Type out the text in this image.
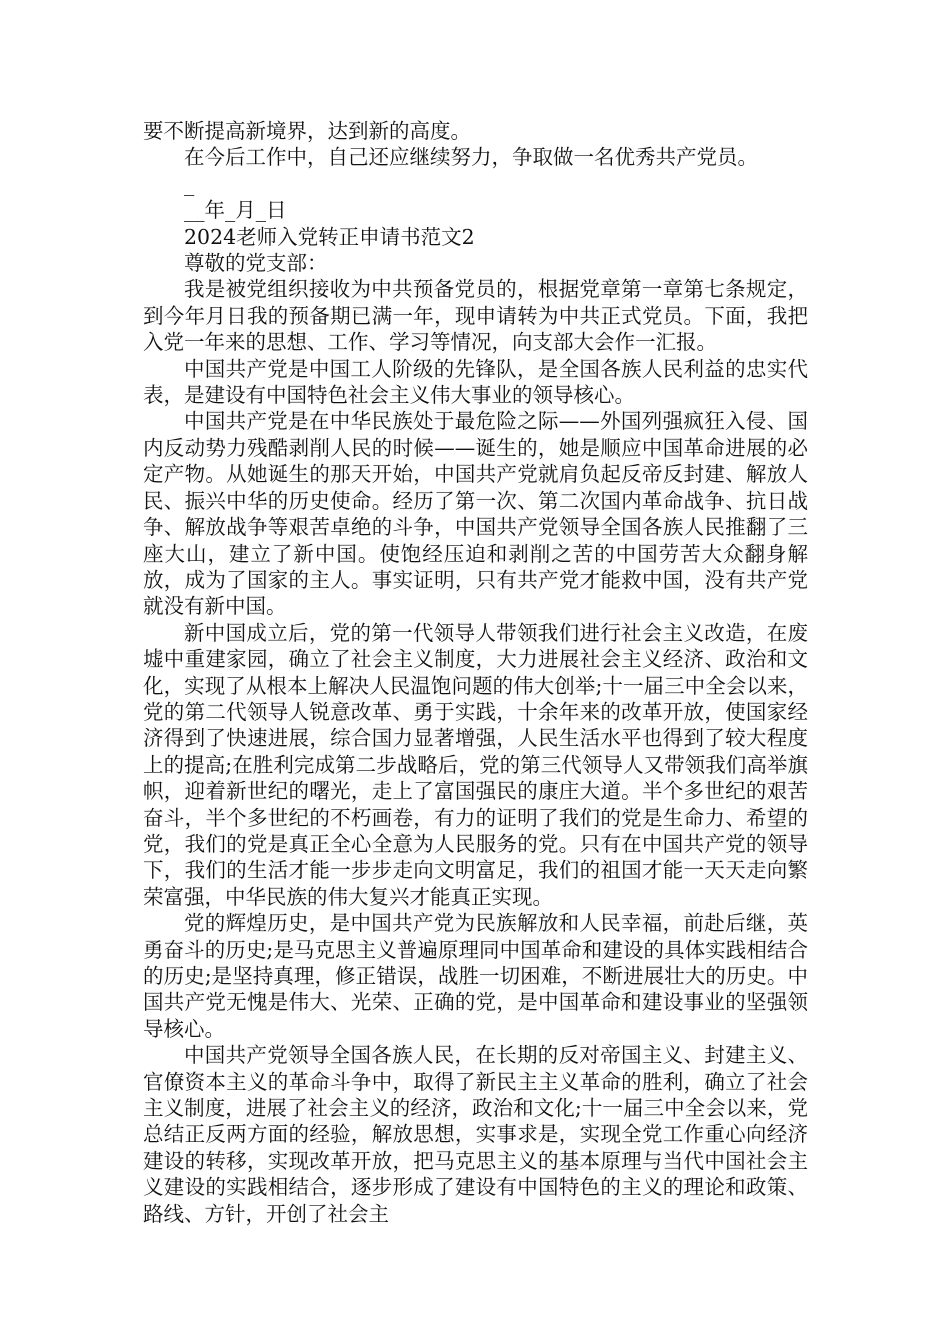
要不断提高新境界，达到新的高度。

在今后工作中，自己还应继续努力，争取做一名优秀共产党员。

_

__年_月_日

2024老师入党转正申请书范文2

尊敬的党支部：

我是被党组织接收为中共预备党员的，根据党章第一章第七条规定，到今年月日我的预备期已满一年，现申请转为中共正式党员。下面，我把入党一年来的思想、工作、学习等情况，向支部大会作一汇报。

中国共产党是中国工人阶级的先锋队，是全国各族人民利益的忠实代表，是建设有中国特色社会主义伟大事业的领导核心。

中国共产党是在中华民族处于最危险之际——外国列强疯狂入侵、国内反动势力残酷剥削人民的时候——诞生的，她是顺应中国革命进展的必定产物。从她诞生的那天开始，中国共产党就肩负起反帝反封建、解放人民、振兴中华的历史使命。经历了第一次、第二次国内革命战争、抗日战争、解放战争等艰苦卓绝的斗争，中国共产党领导全国各族人民推翻了三座大山，建立了新中国。使饱经压迫和剥削之苦的中国劳苦大众翻身解放，成为了国家的主人。事实证明，只有共产党才能救中国，没有共产党就没有新中国。

新中国成立后，党的第一代领导人带领我们进行社会主义改造，在废墟中重建家园，确立了社会主义制度，大力进展社会主义经济、政治和文化，实现了从根本上解决人民温饱问题的伟大创举;十一届三中全会以来，党的第二代领导人锐意改革、勇于实践，十余年来的改革开放，使国家经济得到了快速进展，综合国力显著增强，人民生活水平也得到了较大程度上的提高;在胜利完成第二步战略后，党的第三代领导人又带领我们高举旗帜，迎着新世纪的曙光，走上了富国强民的康庄大道。半个多世纪的艰苦奋斗，半个多世纪的不朽画卷，有力的证明了我们的党是生命力、希望的党，我们的党是真正全心全意为人民服务的党。只有在中国共产党的领导下，我们的生活才能一步步走向文明富足，我们的祖国才能一天天走向繁荣富强，中华民族的伟大复兴才能真正实现。

党的辉煌历史，是中国共产党为民族解放和人民幸福，前赴后继，英勇奋斗的历史;是马克思主义普遍原理同中国革命和建设的具体实践相结合的历史;是坚持真理，修正错误，战胜一切困难，不断进展壮大的历史。中国共产党无愧是伟大、光荣、正确的党，是中国革命和建设事业的坚强领导核心。

中国共产党领导全国各族人民，在长期的反对帝国主义、封建主义、官僚资本主义的革命斗争中，取得了新民主主义革命的胜利，确立了社会主义制度，进展了社会主义的经济，政治和文化;十一届三中全会以来，党总结正反两方面的经验，解放思想，实事求是，实现全党工作重心向经济建设的转移，实现改革开放，把马克思主义的基本原理与当代中国社会主义建设的实践相结合，逐步形成了建设有中国特色的主义的理论和政策、路线、方针，开创了社会主
